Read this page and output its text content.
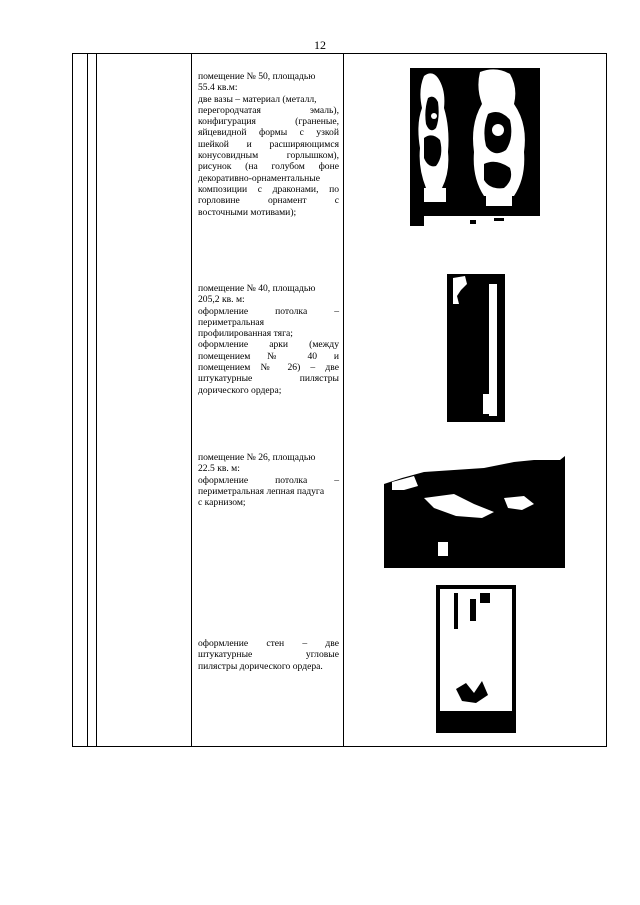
12

помещение № 50, площадью

55.4 кв.м:

две вазы – материал (металл,

перегородчатая эмаль),

конфигурация (граненые,

яйцевидной формы с узкой

шейкой и расширяющимся

конусовидным горлышком),

рисунок (на голубом фоне

декоративно-орнаментальные

композиции с драконами, по

горловине орнамент с

восточными мотивами);

помещение № 40, площадью

205,2 кв. м:

оформление потолка –

периметральная

профилированная тяга;

оформление арки (между

помещением № 40 и

помещением № 26) – две

штукатурные пилястры

дорического ордера;

помещение № 26, площадью

22.5 кв. м:

оформление потолка –

периметральная лепная падуга

с карнизом;

оформление стен – две

штукатурные угловые

пилястры дорического ордера.
